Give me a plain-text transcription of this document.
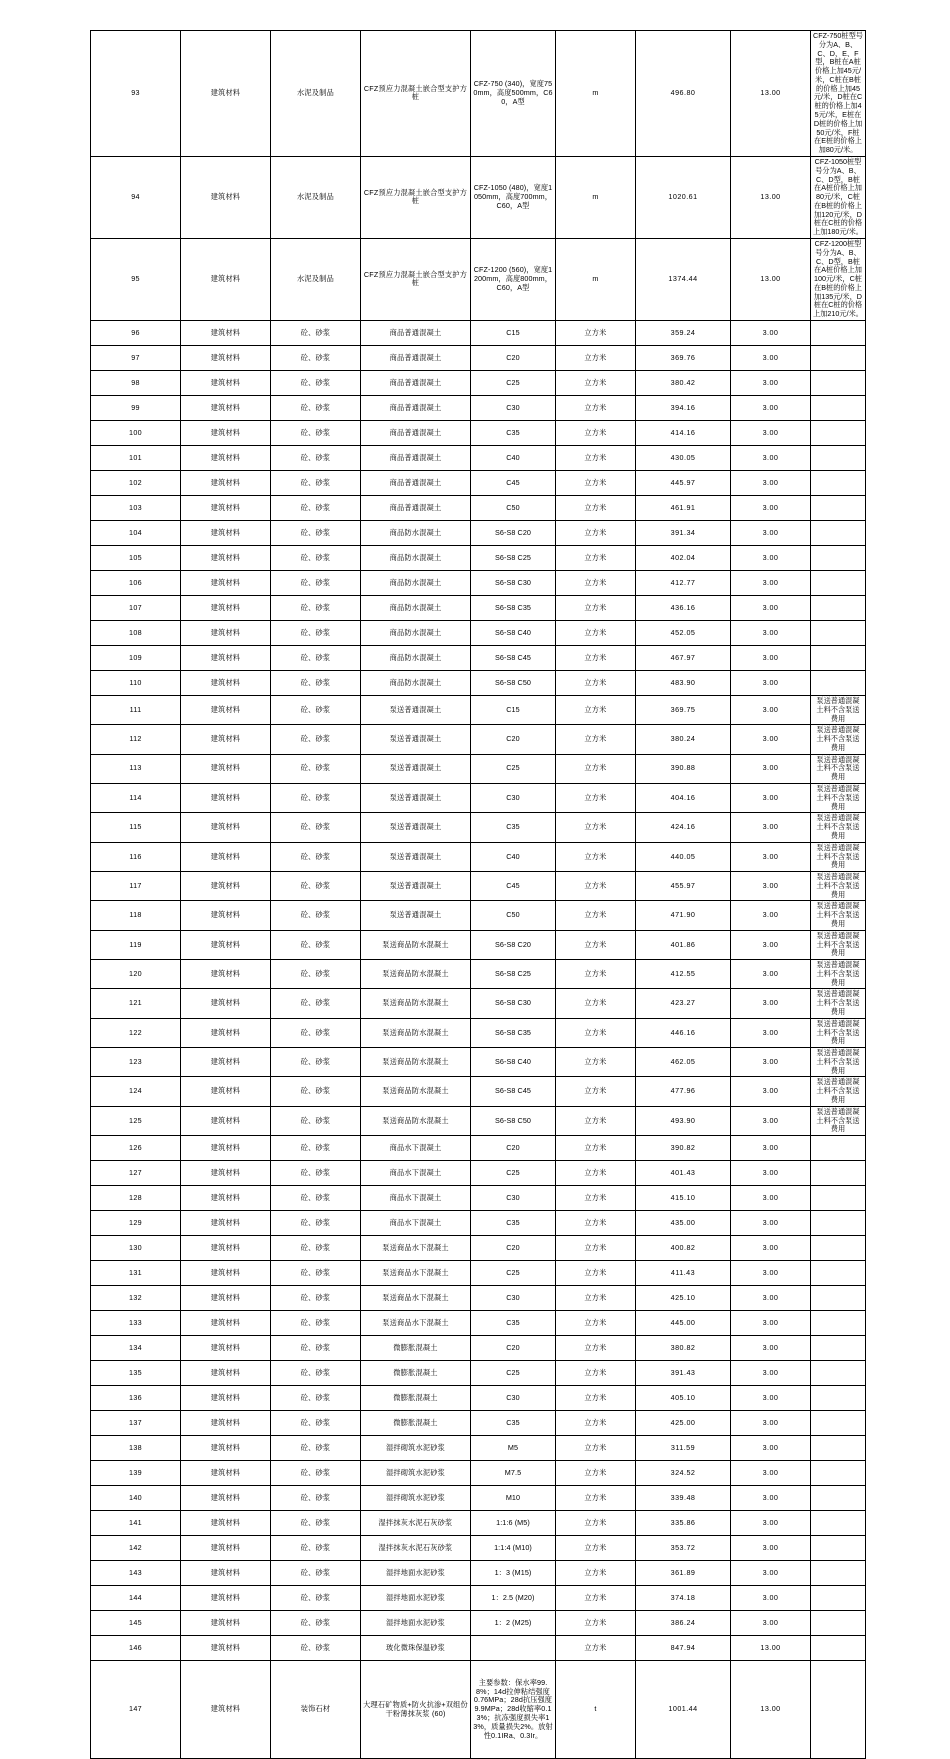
93	建筑材料	水泥及制品	CFZ预应力混凝土嵌合型支护方桩	CFZ-750 (340)，宽度750mm，高度500mm，C60，A型	m	496.80	13.00	CFZ-750桩型号分为A、B、C、D、E、F型，B桩在A桩价格上加45元/米，C桩在B桩的价格上加45元/米，D桩在C桩的价格上加45元/米，E桩在D桩的价格上加50元/米，F桩在E桩的价格上加80元/米。
94	建筑材料	水泥及制品	CFZ预应力混凝土嵌合型支护方桩	CFZ-1050 (480)，宽度1050mm，高度700mm，C60，A型	m	1020.61	13.00	CFZ-1050桩型号分为A、B、C、D型，B桩在A桩价格上加80元/米，C桩在B桩的价格上加120元/米，D桩在C桩的价格上加180元/米。
95	建筑材料	水泥及制品	CFZ预应力混凝土嵌合型支护方桩	CFZ-1200 (560)，宽度1200mm，高度800mm，C60，A型	m	1374.44	13.00	CFZ-1200桩型号分为A、B、C、D型，B桩在A桩价格上加100元/米，C桩在B桩的价格上加135元/米，D桩在C桩的价格上加210元/米。
96	建筑材料	砼、砂浆	商品普通混凝土	C15	立方米	359.24	3.00	
97	建筑材料	砼、砂浆	商品普通混凝土	C20	立方米	369.76	3.00	
98	建筑材料	砼、砂浆	商品普通混凝土	C25	立方米	380.42	3.00	
99	建筑材料	砼、砂浆	商品普通混凝土	C30	立方米	394.16	3.00	
100	建筑材料	砼、砂浆	商品普通混凝土	C35	立方米	414.16	3.00	
101	建筑材料	砼、砂浆	商品普通混凝土	C40	立方米	430.05	3.00	
102	建筑材料	砼、砂浆	商品普通混凝土	C45	立方米	445.97	3.00	
103	建筑材料	砼、砂浆	商品普通混凝土	C50	立方米	461.91	3.00	
104	建筑材料	砼、砂浆	商品防水混凝土	S6-S8 C20	立方米	391.34	3.00	
105	建筑材料	砼、砂浆	商品防水混凝土	S6-S8 C25	立方米	402.04	3.00	
106	建筑材料	砼、砂浆	商品防水混凝土	S6-S8 C30	立方米	412.77	3.00	
107	建筑材料	砼、砂浆	商品防水混凝土	S6-S8 C35	立方米	436.16	3.00	
108	建筑材料	砼、砂浆	商品防水混凝土	S6-S8 C40	立方米	452.05	3.00	
109	建筑材料	砼、砂浆	商品防水混凝土	S6-S8 C45	立方米	467.97	3.00	
110	建筑材料	砼、砂浆	商品防水混凝土	S6-S8 C50	立方米	483.90	3.00	
111	建筑材料	砼、砂浆	泵送普通混凝土	C15	立方米	369.75	3.00	泵送普通混凝土料不含泵送费用
112	建筑材料	砼、砂浆	泵送普通混凝土	C20	立方米	380.24	3.00	泵送普通混凝土料不含泵送费用
113	建筑材料	砼、砂浆	泵送普通混凝土	C25	立方米	390.88	3.00	泵送普通混凝土料不含泵送费用
114	建筑材料	砼、砂浆	泵送普通混凝土	C30	立方米	404.16	3.00	泵送普通混凝土料不含泵送费用
115	建筑材料	砼、砂浆	泵送普通混凝土	C35	立方米	424.16	3.00	泵送普通混凝土料不含泵送费用
116	建筑材料	砼、砂浆	泵送普通混凝土	C40	立方米	440.05	3.00	泵送普通混凝土料不含泵送费用
117	建筑材料	砼、砂浆	泵送普通混凝土	C45	立方米	455.97	3.00	泵送普通混凝土料不含泵送费用
118	建筑材料	砼、砂浆	泵送普通混凝土	C50	立方米	471.90	3.00	泵送普通混凝土料不含泵送费用
119	建筑材料	砼、砂浆	泵送商品防水混凝土	S6-S8 C20	立方米	401.86	3.00	泵送普通混凝土料不含泵送费用
120	建筑材料	砼、砂浆	泵送商品防水混凝土	S6-S8 C25	立方米	412.55	3.00	泵送普通混凝土料不含泵送费用
121	建筑材料	砼、砂浆	泵送商品防水混凝土	S6-S8 C30	立方米	423.27	3.00	泵送普通混凝土料不含泵送费用
122	建筑材料	砼、砂浆	泵送商品防水混凝土	S6-S8 C35	立方米	446.16	3.00	泵送普通混凝土料不含泵送费用
123	建筑材料	砼、砂浆	泵送商品防水混凝土	S6-S8 C40	立方米	462.05	3.00	泵送普通混凝土料不含泵送费用
124	建筑材料	砼、砂浆	泵送商品防水混凝土	S6-S8 C45	立方米	477.96	3.00	泵送普通混凝土料不含泵送费用
125	建筑材料	砼、砂浆	泵送商品防水混凝土	S6-S8 C50	立方米	493.90	3.00	泵送普通混凝土料不含泵送费用
126	建筑材料	砼、砂浆	商品水下混凝土	C20	立方米	390.82	3.00	
127	建筑材料	砼、砂浆	商品水下混凝土	C25	立方米	401.43	3.00	
128	建筑材料	砼、砂浆	商品水下混凝土	C30	立方米	415.10	3.00	
129	建筑材料	砼、砂浆	商品水下混凝土	C35	立方米	435.00	3.00	
130	建筑材料	砼、砂浆	泵送商品水下混凝土	C20	立方米	400.82	3.00	
131	建筑材料	砼、砂浆	泵送商品水下混凝土	C25	立方米	411.43	3.00	
132	建筑材料	砼、砂浆	泵送商品水下混凝土	C30	立方米	425.10	3.00	
133	建筑材料	砼、砂浆	泵送商品水下混凝土	C35	立方米	445.00	3.00	
134	建筑材料	砼、砂浆	微膨胀混凝土	C20	立方米	380.82	3.00	
135	建筑材料	砼、砂浆	微膨胀混凝土	C25	立方米	391.43	3.00	
136	建筑材料	砼、砂浆	微膨胀混凝土	C30	立方米	405.10	3.00	
137	建筑材料	砼、砂浆	微膨胀混凝土	C35	立方米	425.00	3.00	
138	建筑材料	砼、砂浆	湿拌砌筑水泥砂浆	M5	立方米	311.59	3.00	
139	建筑材料	砼、砂浆	湿拌砌筑水泥砂浆	M7.5	立方米	324.52	3.00	
140	建筑材料	砼、砂浆	湿拌砌筑水泥砂浆	M10	立方米	339.48	3.00	
141	建筑材料	砼、砂浆	湿拌抹灰水泥石灰砂浆	1:1:6 (M5)	立方米	335.86	3.00	
142	建筑材料	砼、砂浆	湿拌抹灰水泥石灰砂浆	1:1:4 (M10)	立方米	353.72	3.00	
143	建筑材料	砼、砂浆	湿拌地面水泥砂浆	1：3 (M15)	立方米	361.89	3.00	
144	建筑材料	砼、砂浆	湿拌地面水泥砂浆	1：2.5 (M20)	立方米	374.18	3.00	
145	建筑材料	砼、砂浆	湿拌地面水泥砂浆	1：2 (M25)	立方米	386.24	3.00	
146	建筑材料	砼、砂浆	玻化微珠保温砂浆		立方米	847.94	13.00	
147	建筑材料	装饰石材	大理石矿物质+防火抗渗+双组份干粉薄抹灰浆 (60)	主要参数：保水率99.8%；14d拉伸粘结强度0.76MPa；28d抗压强度9.9MPa；28d收缩率0.13%；抗冻强度损失率13%，质量损失2%。放射性0.1IRa、0.3Ir。	t	1001.44	13.00	
